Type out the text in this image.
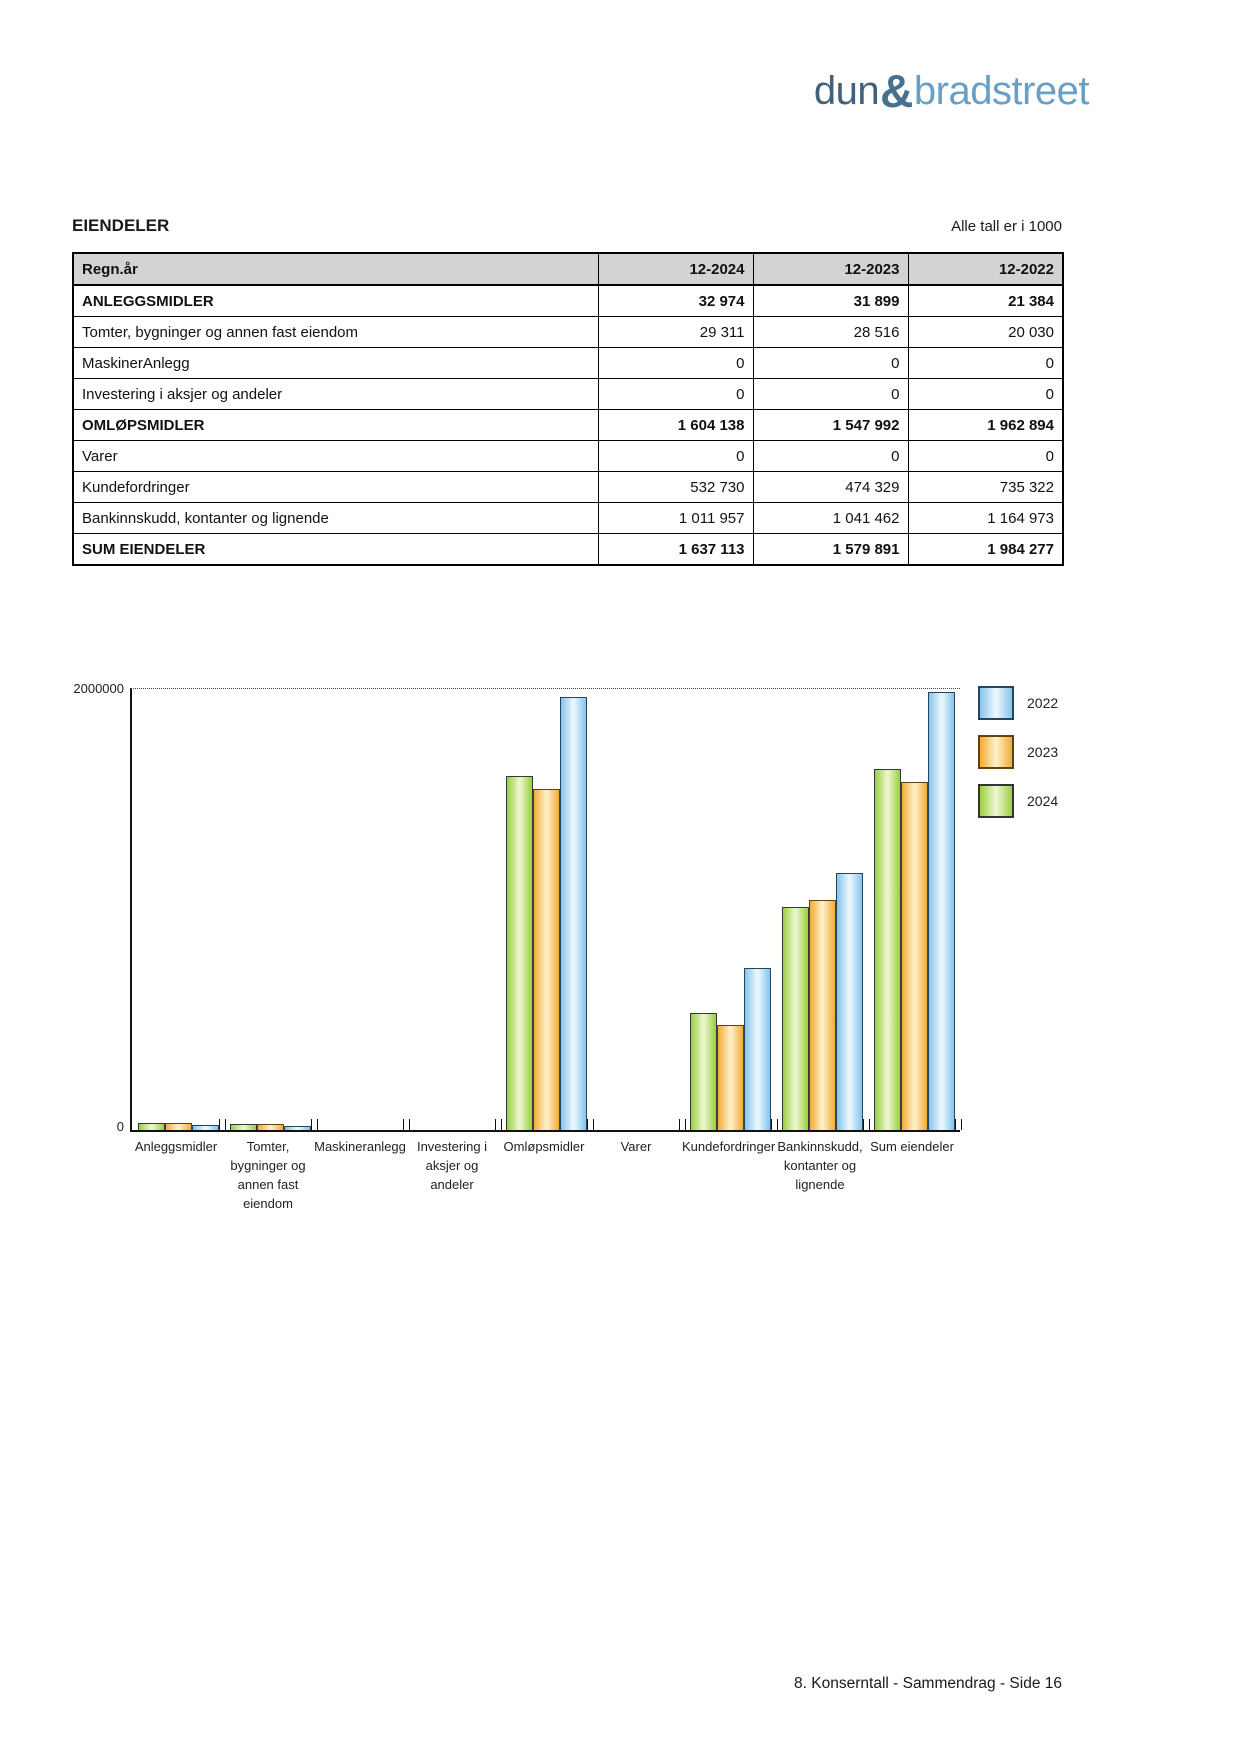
dun&bradstreet
EIENDELER	Alle tall er i 1000
Regn.år	12-2024	12-2023	12-2022
ANLEGGSMIDLER	32 974	31 899	21 384
Tomter, bygninger og annen fast eiendom	29 311	28 516	20 030
MaskinerAnlegg	0	0	0
Investering i aksjer og andeler	0	0	0
OMLØPSMIDLER	1 604 138	1 547 992	1 962 894
Varer	0	0	0
Kundefordringer	532 730	474 329	735 322
Bankinnskudd, kontanter og lignende	1 011 957	1 041 462	1 164 973
SUM EIENDELER	1 637 113	1 579 891	1 984 277
2000000
0
Anleggsmidler	Tomter,
bygninger og
annen fast
eiendom
Maskineranlegg Investering i
aksjer og
andeler
Omløpsmidler	Varer	Kundefordringer Bankinnskudd,
kontanter og
lignende
Sum eiendeler
2022
2023
2024
8. Konserntall - Sammendrag - Side 16
